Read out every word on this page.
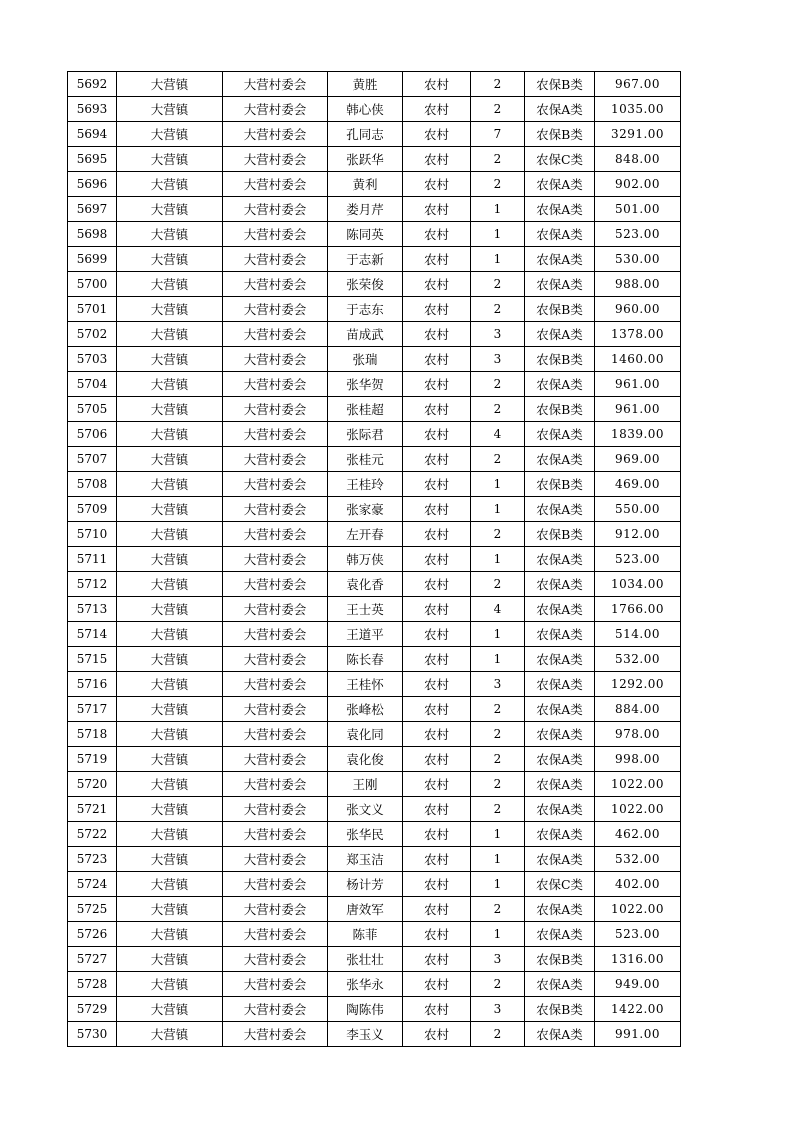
5692	大营镇	大营村委会	黄胜	农村	2	农保B类	967.00
5693	大营镇	大营村委会	韩心侠	农村	2	农保A类	1035.00
5694	大营镇	大营村委会	孔同志	农村	7	农保B类	3291.00
5695	大营镇	大营村委会	张跃华	农村	2	农保C类	848.00
5696	大营镇	大营村委会	黄利	农村	2	农保A类	902.00
5697	大营镇	大营村委会	娄月芹	农村	1	农保A类	501.00
5698	大营镇	大营村委会	陈同英	农村	1	农保A类	523.00
5699	大营镇	大营村委会	于志新	农村	1	农保A类	530.00
5700	大营镇	大营村委会	张荣俊	农村	2	农保A类	988.00
5701	大营镇	大营村委会	于志东	农村	2	农保B类	960.00
5702	大营镇	大营村委会	苗成武	农村	3	农保A类	1378.00
5703	大营镇	大营村委会	张瑞	农村	3	农保B类	1460.00
5704	大营镇	大营村委会	张华贺	农村	2	农保A类	961.00
5705	大营镇	大营村委会	张桂超	农村	2	农保B类	961.00
5706	大营镇	大营村委会	张际君	农村	4	农保A类	1839.00
5707	大营镇	大营村委会	张桂元	农村	2	农保A类	969.00
5708	大营镇	大营村委会	王桂玲	农村	1	农保B类	469.00
5709	大营镇	大营村委会	张家豪	农村	1	农保A类	550.00
5710	大营镇	大营村委会	左开春	农村	2	农保B类	912.00
5711	大营镇	大营村委会	韩万侠	农村	1	农保A类	523.00
5712	大营镇	大营村委会	袁化香	农村	2	农保A类	1034.00
5713	大营镇	大营村委会	王士英	农村	4	农保A类	1766.00
5714	大营镇	大营村委会	王道平	农村	1	农保A类	514.00
5715	大营镇	大营村委会	陈长春	农村	1	农保A类	532.00
5716	大营镇	大营村委会	王桂怀	农村	3	农保A类	1292.00
5717	大营镇	大营村委会	张峰松	农村	2	农保A类	884.00
5718	大营镇	大营村委会	袁化同	农村	2	农保A类	978.00
5719	大营镇	大营村委会	袁化俊	农村	2	农保A类	998.00
5720	大营镇	大营村委会	王刚	农村	2	农保A类	1022.00
5721	大营镇	大营村委会	张文义	农村	2	农保A类	1022.00
5722	大营镇	大营村委会	张华民	农村	1	农保A类	462.00
5723	大营镇	大营村委会	郑玉洁	农村	1	农保A类	532.00
5724	大营镇	大营村委会	杨计芳	农村	1	农保C类	402.00
5725	大营镇	大营村委会	唐效军	农村	2	农保A类	1022.00
5726	大营镇	大营村委会	陈菲	农村	1	农保A类	523.00
5727	大营镇	大营村委会	张壮壮	农村	3	农保B类	1316.00
5728	大营镇	大营村委会	张华永	农村	2	农保A类	949.00
5729	大营镇	大营村委会	陶陈伟	农村	3	农保B类	1422.00
5730	大营镇	大营村委会	李玉义	农村	2	农保A类	991.00
